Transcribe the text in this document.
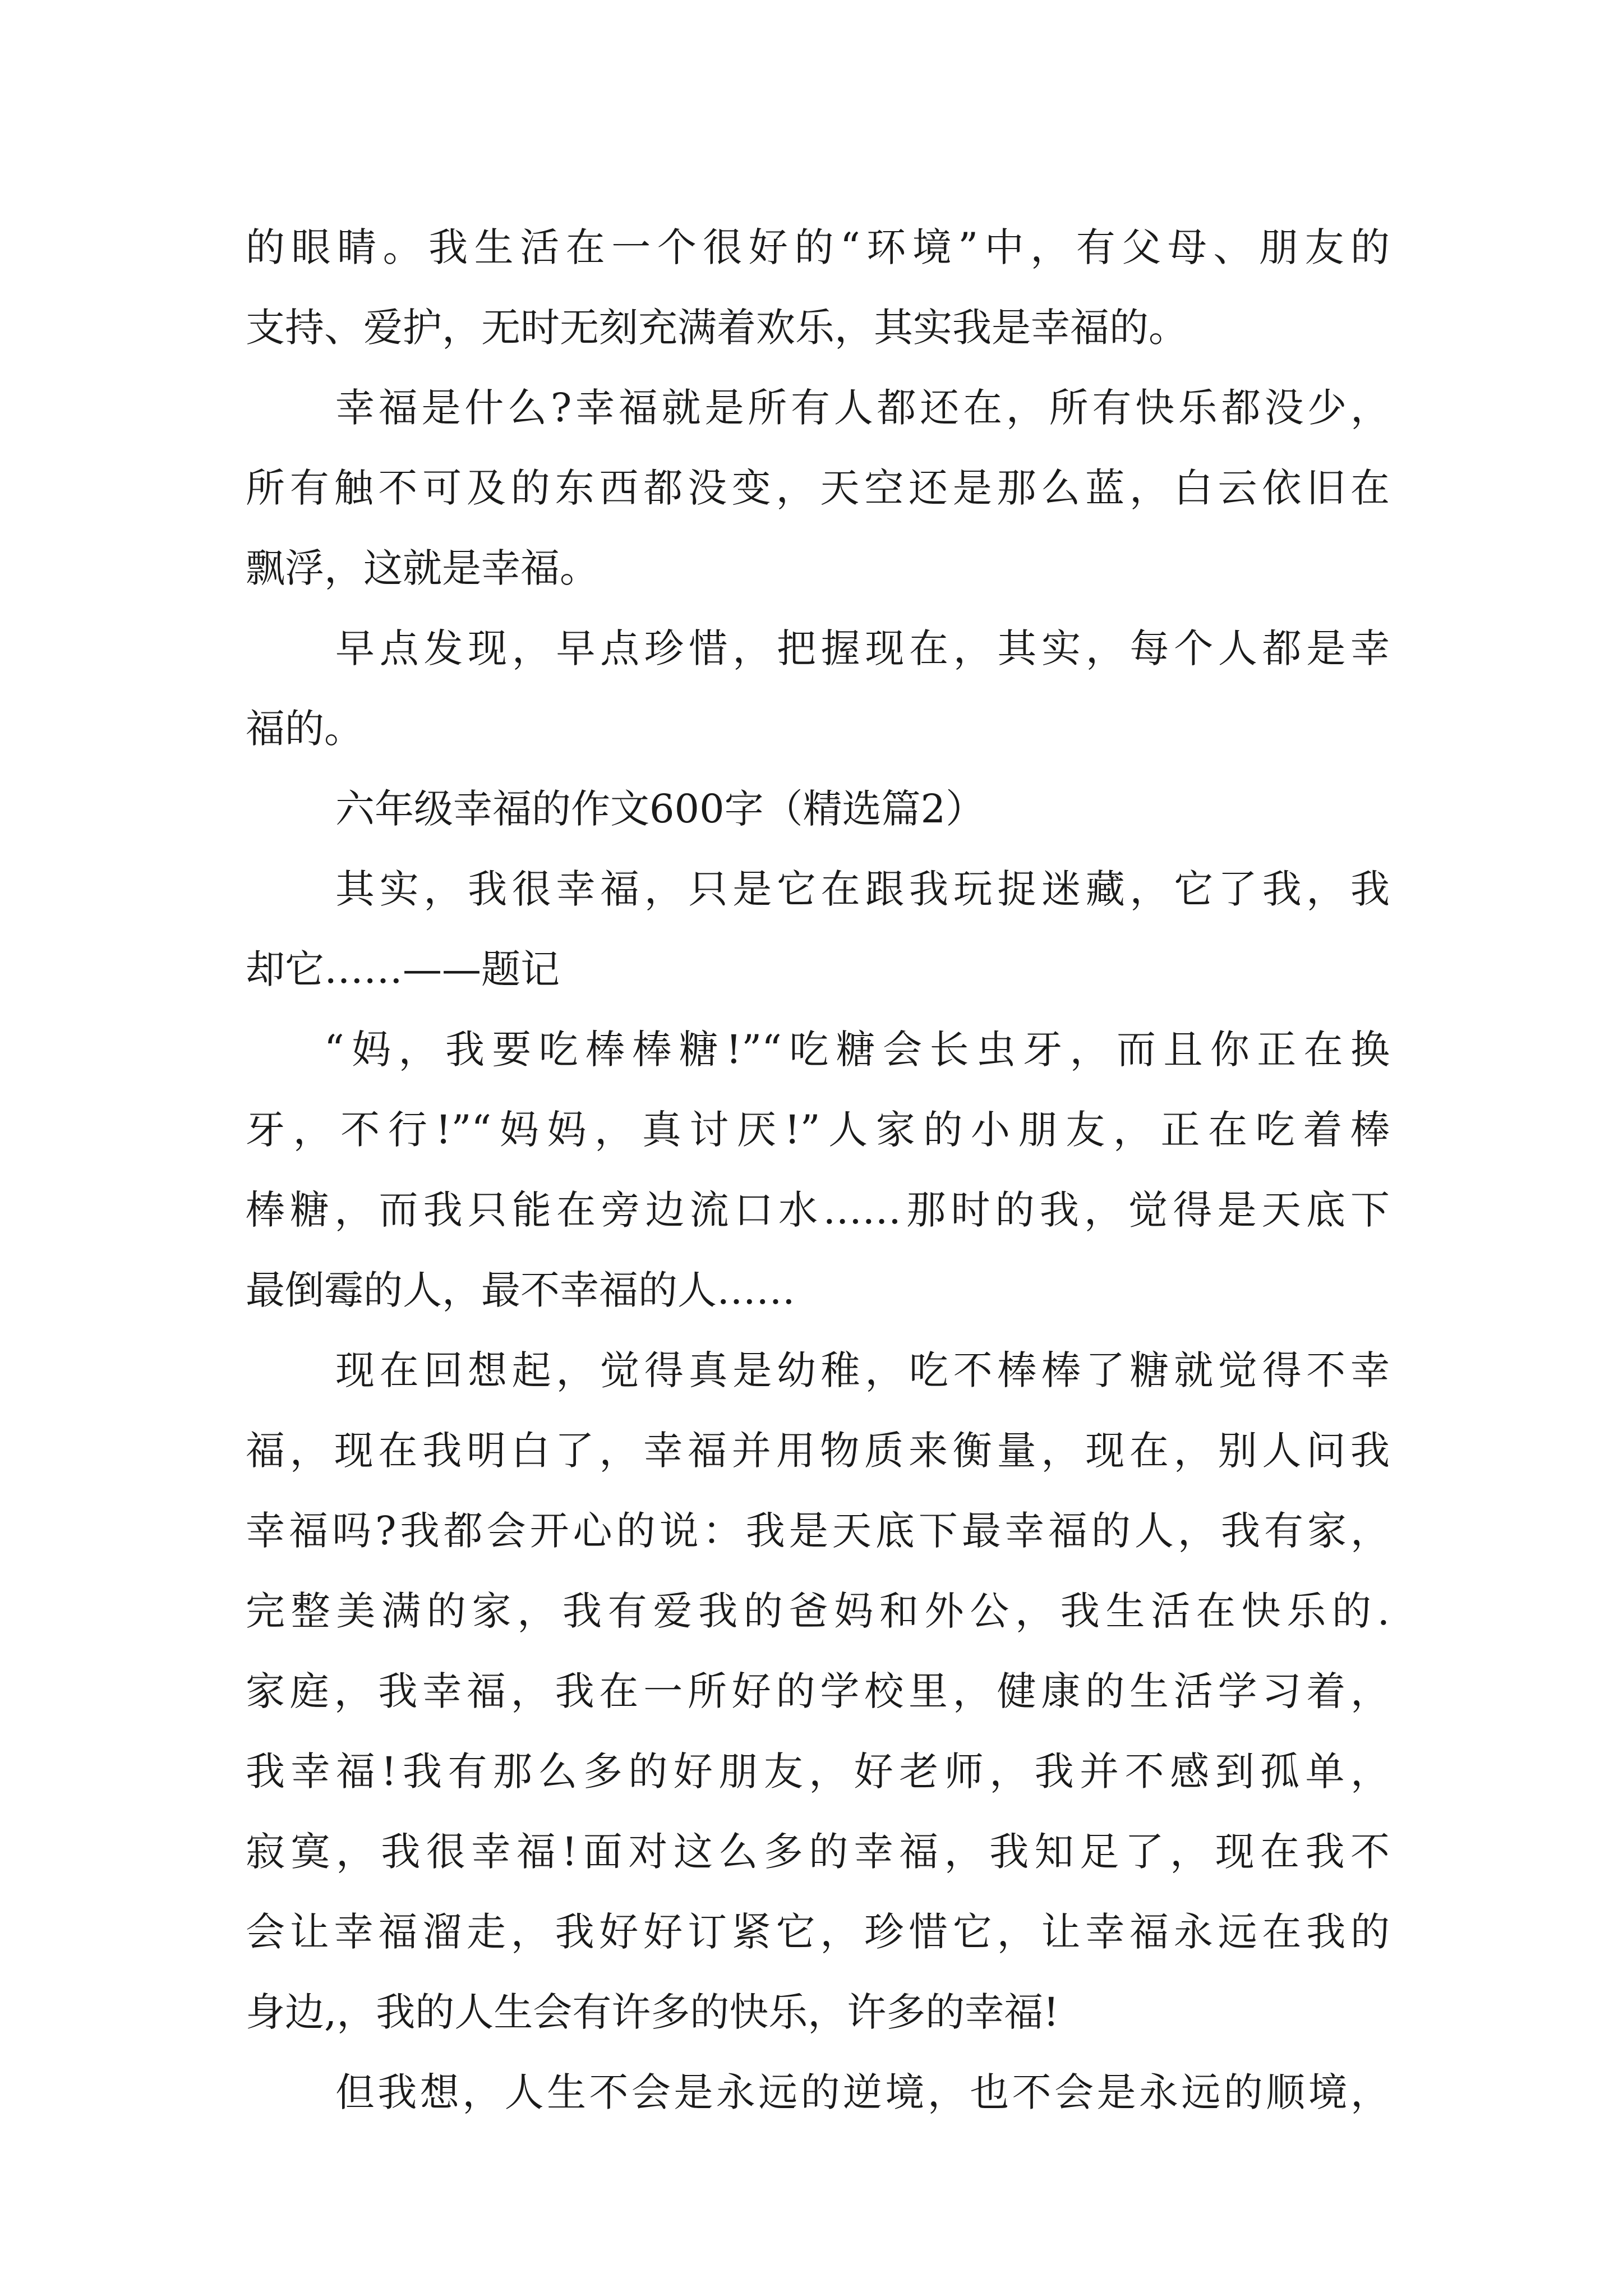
的眼睛。我生活在一个很好的“环境”中，有父母、朋友的
支持、爱护，无时无刻充满着欢乐，其实我是幸福的。
幸福是什么?幸福就是所有人都还在，所有快乐都没少，
所有触不可及的东西都没变，天空还是那么蓝，白云依旧在
飘浮，这就是幸福。
早点发现，早点珍惜，把握现在，其实，每个人都是幸
福的。
六年级幸福的作文600字（精选篇2）
其实，我很幸福，只是它在跟我玩捉迷藏，它了我，我
却它……——题记
“妈，我要吃棒棒糖!”“吃糖会长虫牙，而且你正在换
牙，不行!”“妈妈，真讨厌!”人家的小朋友，正在吃着棒
棒糖，而我只能在旁边流口水……那时的我，觉得是天底下
最倒霉的人，最不幸福的人……
现在回想起，觉得真是幼稚，吃不棒棒了糖就觉得不幸
福，现在我明白了，幸福并用物质来衡量，现在，别人问我
幸福吗?我都会开心的说：我是天底下最幸福的人，我有家，
完整美满的家，我有爱我的爸妈和外公，我生活在快乐的.
家庭，我幸福，我在一所好的学校里，健康的生活学习着，
我幸福!我有那么多的好朋友，好老师，我并不感到孤单，
寂寞，我很幸福!面对这么多的幸福，我知足了，现在我不
会让幸福溜走，我好好订紧它，珍惜它，让幸福永远在我的
身边,，我的人生会有许多的快乐，许多的幸福!
但我想，人生不会是永远的逆境，也不会是永远的顺境，
